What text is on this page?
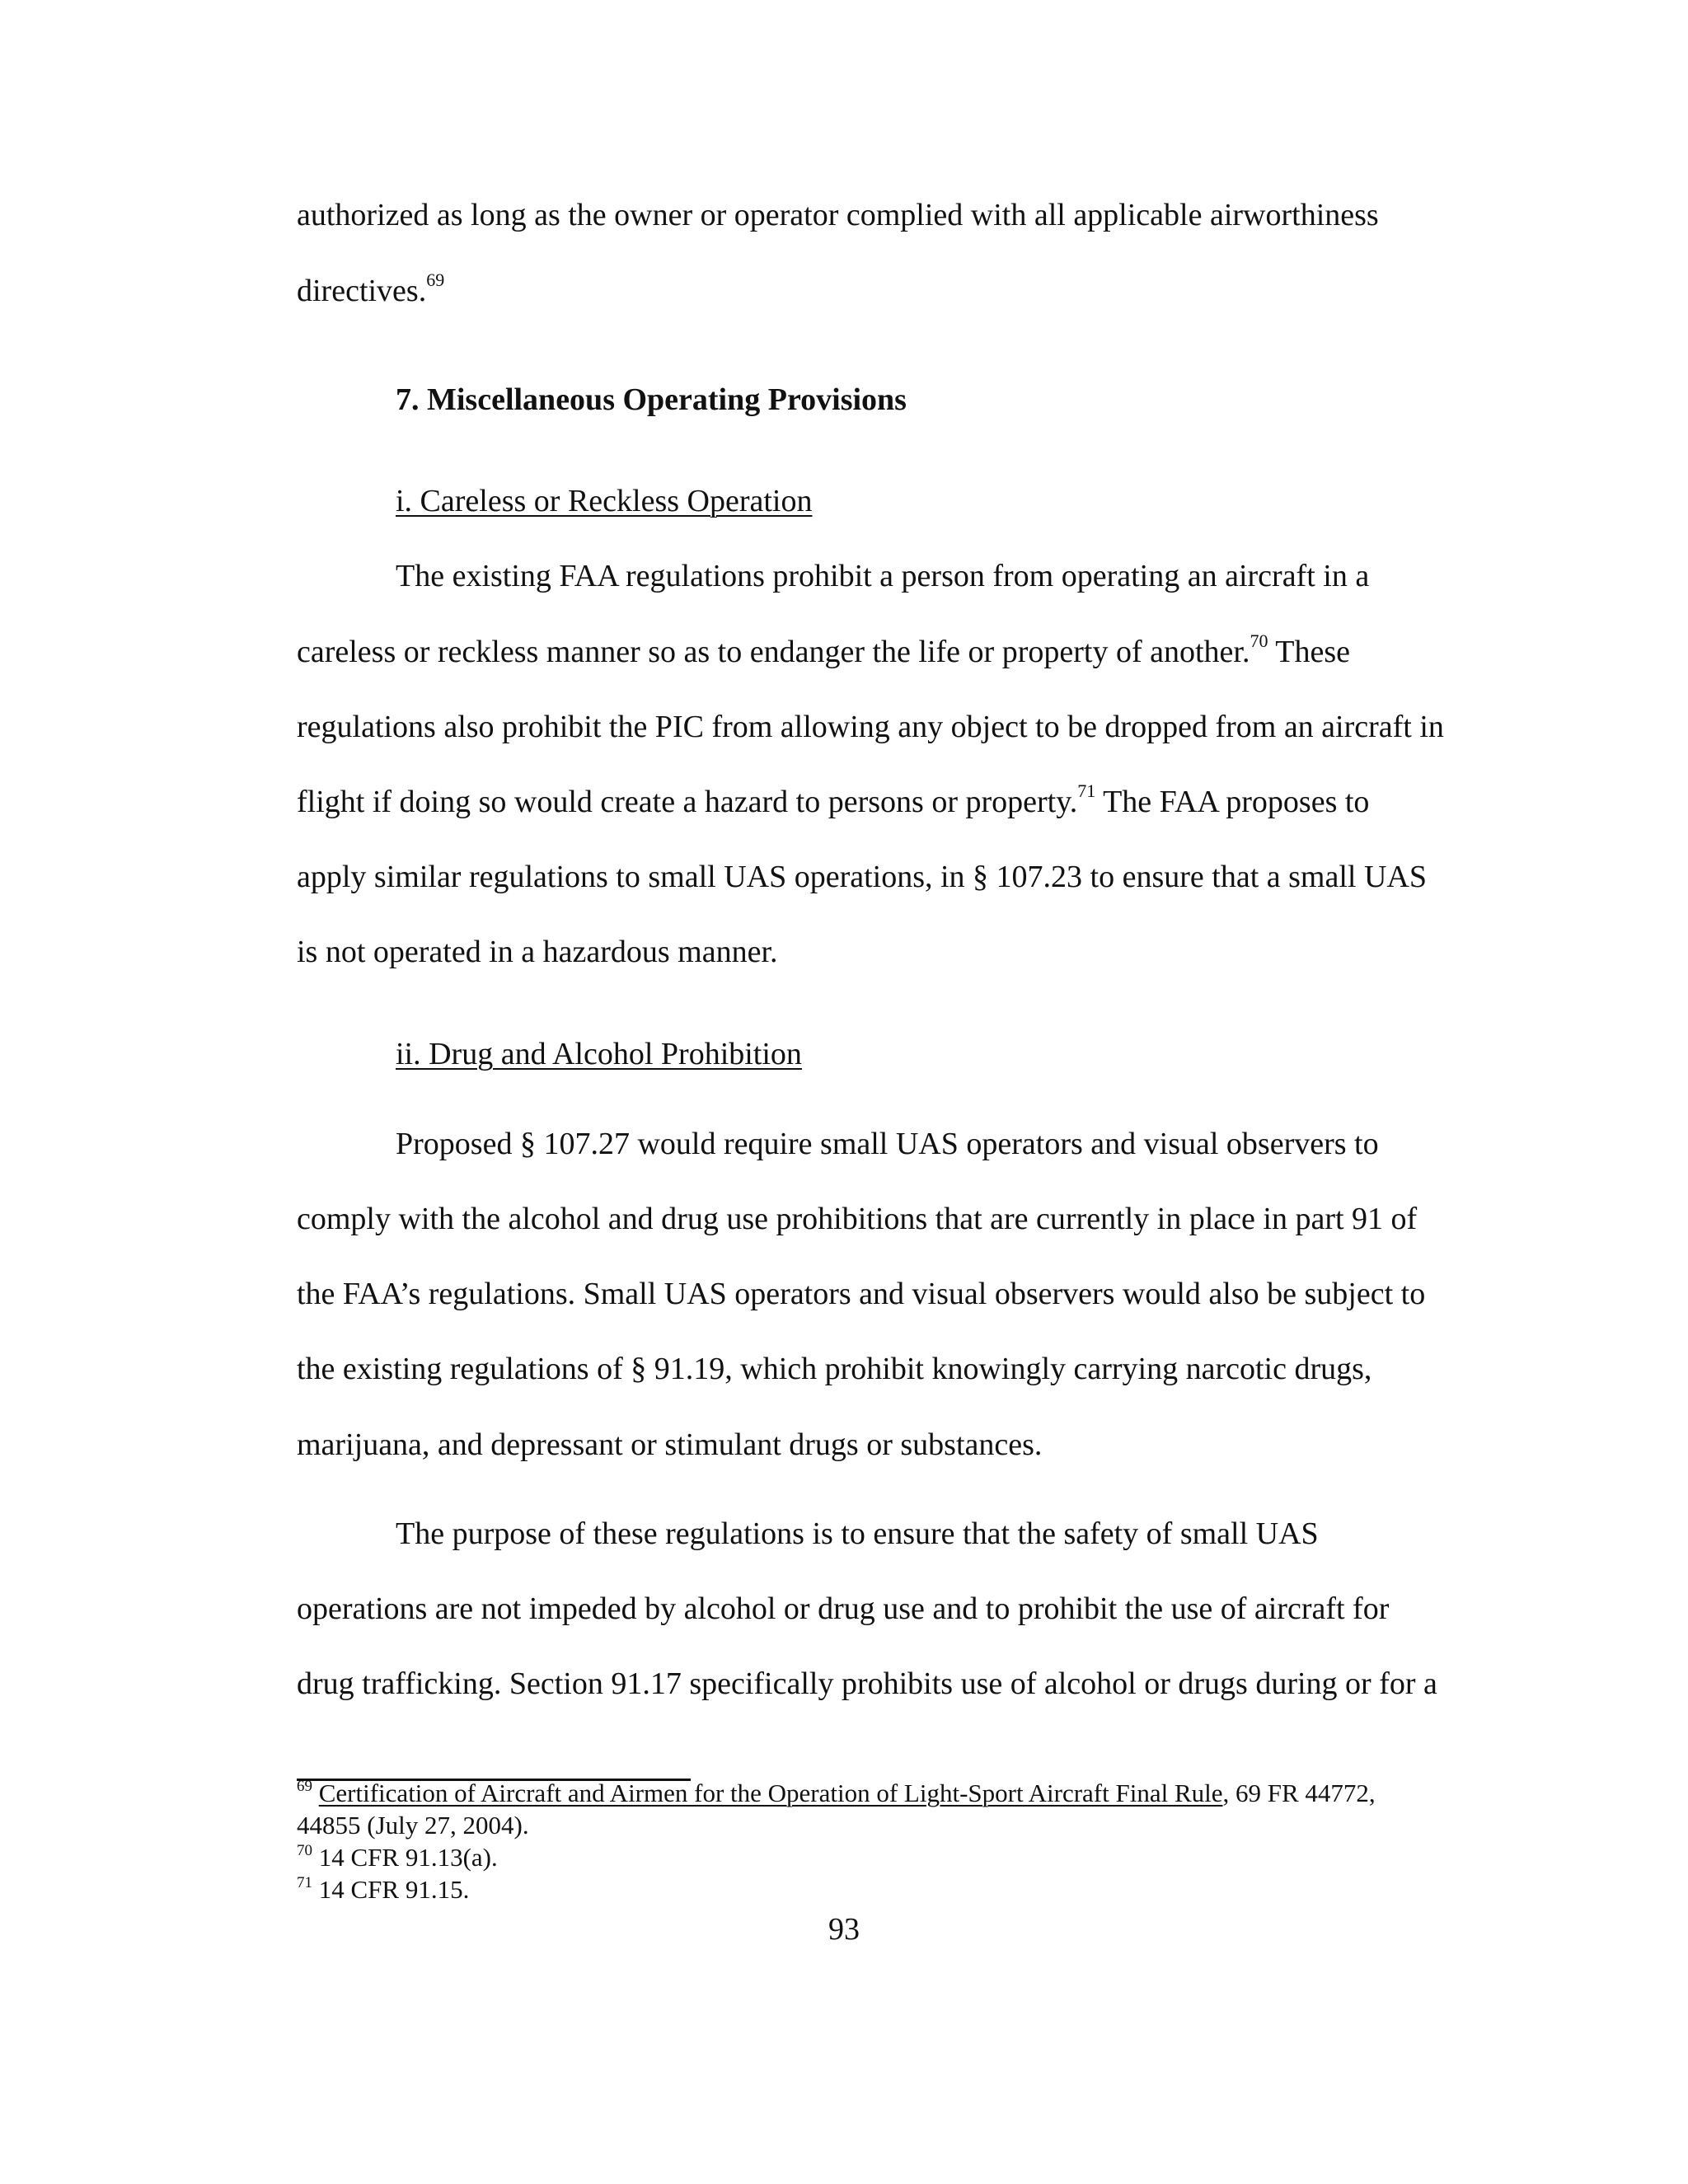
authorized as long as the owner or operator complied with all applicable airworthiness
directives.$^{69}$
7. Miscellaneous Operating Provisions
i. Careless or Reckless Operation
The existing FAA regulations prohibit a person from operating an aircraft in a
careless or reckless manner so as to endanger the life or property of another.$^{70}$ These
regulations also prohibit the PIC from allowing any object to be dropped from an aircraft in
flight if doing so would create a hazard to persons or property.$^{71}$ The FAA proposes to
apply similar regulations to small UAS operations, in § 107.23 to ensure that a small UAS
is not operated in a hazardous manner.
ii. Drug and Alcohol Prohibition
Proposed § 107.27 would require small UAS operators and visual observers to
comply with the alcohol and drug use prohibitions that are currently in place in part 91 of
the FAA’s regulations. Small UAS operators and visual observers would also be subject to
the existing regulations of § 91.19, which prohibit knowingly carrying narcotic drugs,
marijuana, and depressant or stimulant drugs or substances.
The purpose of these regulations is to ensure that the safety of small UAS
operations are not impeded by alcohol or drug use and to prohibit the use of aircraft for
drug trafficking. Section 91.17 specifically prohibits use of alcohol or drugs during or for a
$^{69}$ Certification of Aircraft and Airmen for the Operation of Light-Sport Aircraft Final Rule, 69 FR 44772,
44855 (July 27, 2004).
$^{70}$ 14 CFR 91.13(a).
$^{71}$ 14 CFR 91.15.
93
